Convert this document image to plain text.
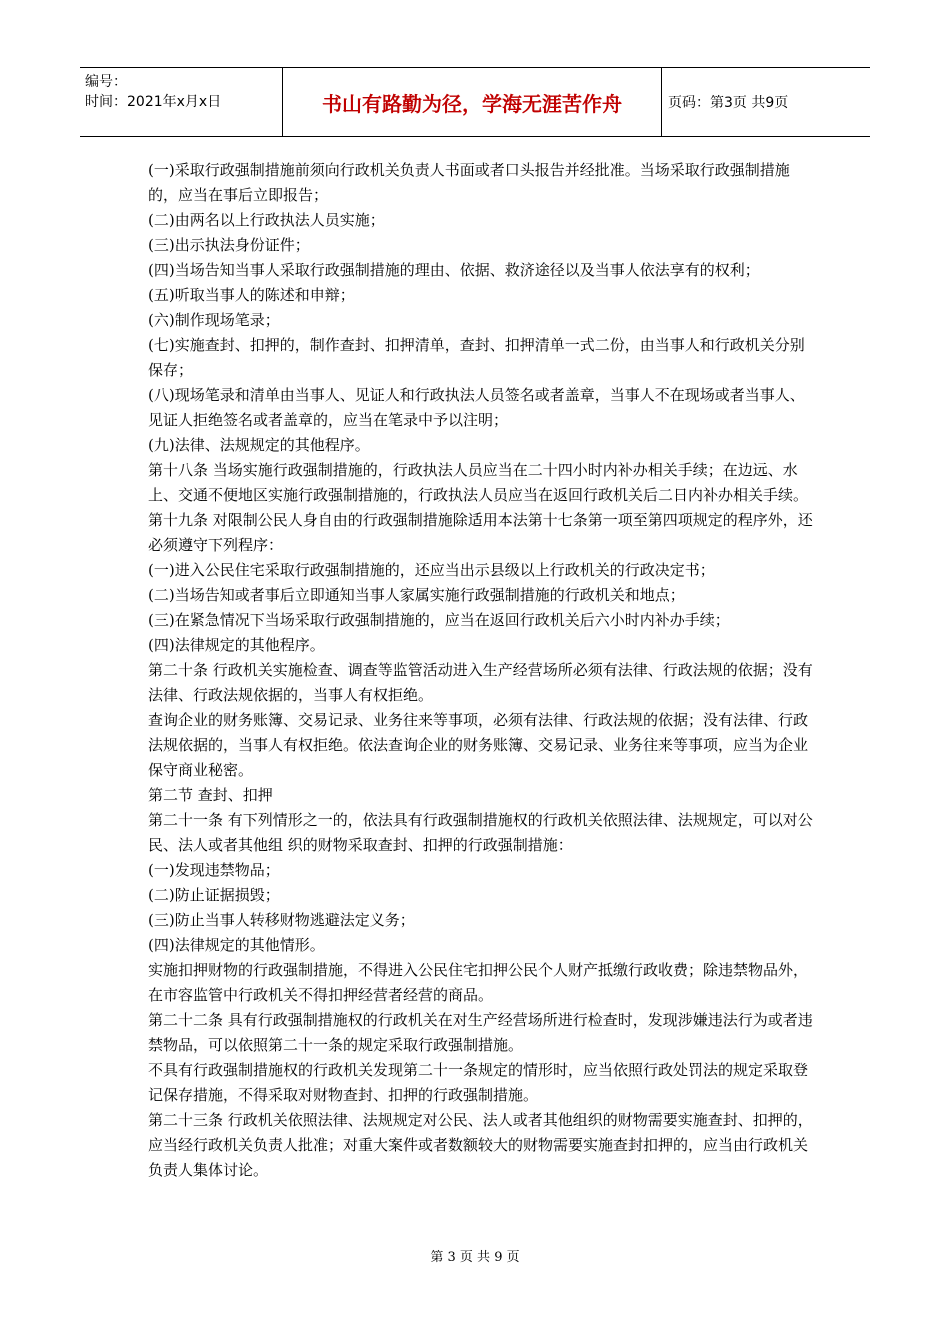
编号：
时间：2021年x月x日	书山有路勤为径，学海无涯苦作舟	页码：第3页 共9页

(一)采取行政强制措施前须向行政机关负责人书面或者口头报告并经批准。当场采取行政强制措施的，应当在事后立即报告；

(二)由两名以上行政执法人员实施；

(三)出示执法身份证件；

(四)当场告知当事人采取行政强制措施的理由、依据、救济途径以及当事人依法享有的权利；

(五)听取当事人的陈述和申辩；

(六)制作现场笔录；

(七)实施查封、扣押的，制作查封、扣押清单，查封、扣押清单一式二份，由当事人和行政机关分别保存；

(八)现场笔录和清单由当事人、见证人和行政执法人员签名或者盖章，当事人不在现场或者当事人、见证人拒绝签名或者盖章的，应当在笔录中予以注明；

(九)法律、法规规定的其他程序。

第十八条 当场实施行政强制措施的，行政执法人员应当在二十四小时内补办相关手续；在边远、水上、交通不便地区实施行政强制措施的，行政执法人员应当在返回行政机关后二日内补办相关手续。

第十九条 对限制公民人身自由的行政强制措施除适用本法第十七条第一项至第四项规定的程序外，还必须遵守下列程序：

(一)进入公民住宅采取行政强制措施的，还应当出示县级以上行政机关的行政决定书；

(二)当场告知或者事后立即通知当事人家属实施行政强制措施的行政机关和地点；

(三)在紧急情况下当场采取行政强制措施的，应当在返回行政机关后六小时内补办手续；

(四)法律规定的其他程序。

第二十条 行政机关实施检查、调查等监管活动进入生产经营场所必须有法律、行政法规的依据；没有法律、行政法规依据的，当事人有权拒绝。

查询企业的财务账簿、交易记录、业务往来等事项，必须有法律、行政法规的依据；没有法律、行政法规依据的，当事人有权拒绝。依法查询企业的财务账簿、交易记录、业务往来等事项，应当为企业保守商业秘密。

第二节 查封、扣押

第二十一条 有下列情形之一的，依法具有行政强制措施权的行政机关依照法律、法规规定，可以对公民、法人或者其他组 织的财物采取查封、扣押的行政强制措施：

(一)发现违禁物品；

(二)防止证据损毁；

(三)防止当事人转移财物逃避法定义务；

(四)法律规定的其他情形。

实施扣押财物的行政强制措施，不得进入公民住宅扣押公民个人财产抵缴行政收费；除违禁物品外，在市容监管中行政机关不得扣押经营者经营的商品。

第二十二条 具有行政强制措施权的行政机关在对生产经营场所进行检查时，发现涉嫌违法行为或者违禁物品，可以依照第二十一条的规定采取行政强制措施。

不具有行政强制措施权的行政机关发现第二十一条规定的情形时，应当依照行政处罚法的规定采取登记保存措施，不得采取对财物查封、扣押的行政强制措施。

第二十三条 行政机关依照法律、法规规定对公民、法人或者其他组织的财物需要实施查封、扣押的，应当经行政机关负责人批准；对重大案件或者数额较大的财物需要实施查封扣押的，应当由行政机关负责人集体讨论。

第 3 页 共 9 页
